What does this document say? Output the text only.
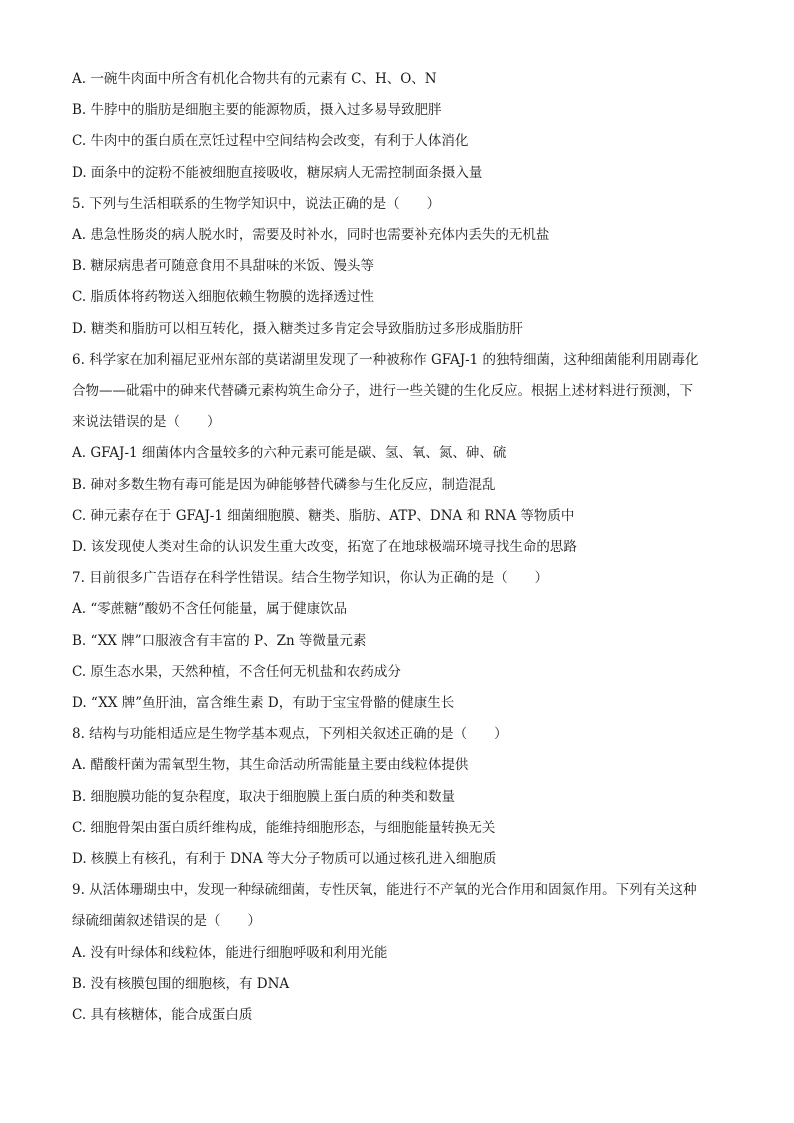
A. 一碗牛肉面中所含有机化合物共有的元素有 C、H、O、N
B. 牛脖中的脂肪是细胞主要的能源物质，摄入过多易导致肥胖
C. 牛肉中的蛋白质在烹饪过程中空间结构会改变，有利于人体消化
D. 面条中的淀粉不能被细胞直接吸收，糖尿病人无需控制面条摄入量
5. 下列与生活相联系的生物学知识中，说法正确的是（　　）
A. 患急性肠炎的病人脱水时，需要及时补水，同时也需要补充体内丢失的无机盐
B. 糖尿病患者可随意食用不具甜味的米饭、馒头等
C. 脂质体将药物送入细胞依赖生物膜的选择透过性
D. 糖类和脂肪可以相互转化，摄入糖类过多肯定会导致脂肪过多形成脂肪肝
6. 科学家在加利福尼亚州东部的莫诺湖里发现了一种被称作 GFAJ-1 的独特细菌，这种细菌能利用剧毒化
合物——砒霜中的砷来代替磷元素构筑生命分子，进行一些关键的生化反应。根据上述材料进行预测，下
来说法错误的是（　　）
A. GFAJ-1 细菌体内含量较多的六种元素可能是碳、氢、氧、氮、砷、硫
B. 砷对多数生物有毒可能是因为砷能够替代磷参与生化反应，制造混乱
C. 砷元素存在于 GFAJ-1 细菌细胞膜、糖类、脂肪、ATP、DNA 和 RNA 等物质中
D. 该发现使人类对生命的认识发生重大改变，拓宽了在地球极端环境寻找生命的思路
7. 目前很多广告语存在科学性错误。结合生物学知识，你认为正确的是（　　）
A. “零蔗糖”酸奶不含任何能量，属于健康饮品
B. “XX 牌”口服液含有丰富的 P、Zn 等微量元素
C. 原生态水果，天然种植，不含任何无机盐和农药成分
D. “XX 牌”鱼肝油，富含维生素 D，有助于宝宝骨骼的健康生长
8. 结构与功能相适应是生物学基本观点，下列相关叙述正确的是（　　）
A. 醋酸杆菌为需氧型生物，其生命活动所需能量主要由线粒体提供
B. 细胞膜功能的复杂程度，取决于细胞膜上蛋白质的种类和数量
C. 细胞骨架由蛋白质纤维构成，能维持细胞形态，与细胞能量转换无关
D. 核膜上有核孔，有利于 DNA 等大分子物质可以通过核孔进入细胞质
9. 从活体珊瑚虫中，发现一种绿硫细菌，专性厌氧，能进行不产氧的光合作用和固氮作用。下列有关这种
绿硫细菌叙述错误的是（　　）
A. 没有叶绿体和线粒体，能进行细胞呼吸和利用光能
B. 没有核膜包围的细胞核，有 DNA
C. 具有核糖体，能合成蛋白质
